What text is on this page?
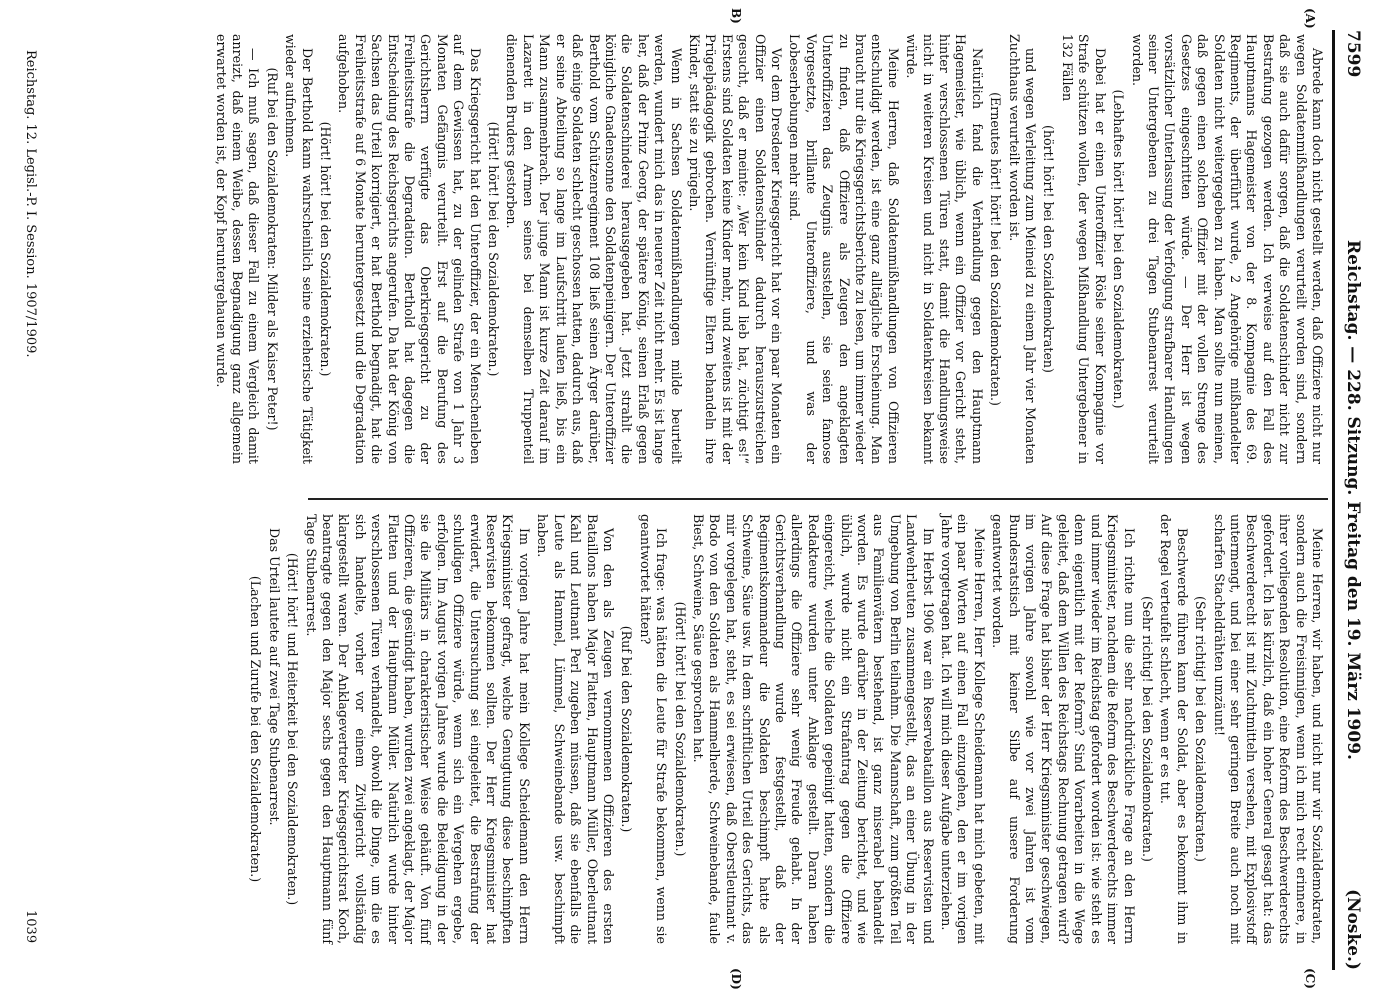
7599
Reichstag. — 228. Sitzung. Freitag den 19. März 1909.
(Noske.)
(A)
B)
(C)
(D)

Abrede kann doch nicht gestellt werden, daß Offiziere nicht nur wegen Soldatenmißhandlungen verurteilt worden sind, sondern daß sie auch dafür sorgen, daß die Soldatenschinder nicht zur Bestrafung gezogen werden. Ich verweise auf den Fall des Hauptmanns Hagemeister von der 8. Kompagnie des 69. Regiments, der überführt wurde, 2 Angehörige mißhandelter Soldaten nicht weitergegeben zu haben. Man sollte nun meinen, daß gegen einen solchen Offizier mit der vollen Strenge des Gesetzes eingeschritten würde. — Der Herr ist wegen vorsätzlicher Unterlassung der Verfolgung strafbarer Handlungen seiner Untergebenen zu drei Tagen Stubenarrest verurteilt worden.

(Lebhaftes hört! hört! bei den Sozialdemokraten.)

Dabei hat er einen Unteroffizier Rösle seiner Kompagnie vor Strafe schützen wollen, der wegen Mißhandlung Untergebener in 132 Fällen

(hört! hört! bei den Sozialdemokraten)

und wegen Verleitung zum Meineid zu einem Jahr vier Monaten Zuchthaus verurteilt worden ist.

(Erneutes hört! hört! bei den Sozialdemokraten.)

Natürlich fand die Verhandlung gegen den Hauptmann Hagemeister, wie üblich, wenn ein Offizier vor Gericht steht, hinter verschlossenen Türen statt, damit die Handlungsweise nicht in weiteren Kreisen und nicht in Soldatenkreisen bekannt würde.

Meine Herren, daß Soldatenmißhandlungen von Offizieren entschuldigt werden, ist eine ganz alltägliche Erscheinung. Man braucht nur die Kriegsgerichtsberichte zu lesen, um immer wieder zu finden, daß Offiziere als Zeugen den angeklagten Unteroffizieren das Zeugnis ausstellen, sie seien famose Vorgesetzte, brillante Unteroffiziere, und was der Lobeserhebungen mehr sind.

Vor dem Dresdener Kriegsgericht hat vor ein paar Monaten ein Offizier einen Soldatenschinder dadurch herauszustreichen gesucht, daß er meinte: „Wer kein Kind lieb hat, züchtigt es!“ Erstens sind Soldaten keine Kinder mehr, und zweitens ist mit der Prügelpädagogik gebrochen. Vernünftige Eltern behandeln ihre Kinder, statt sie zu prügeln.

Wenn in Sachsen Soldatenmißhandlungen milde beurteilt werden, wundert mich das in neuerer Zeit nicht mehr. Es ist lange her, daß der Prinz Georg, der spätere König, seinen Erlaß gegen die Soldatenschinderei herausgegeben hat. Jetzt strahlt die königliche Gnadensonne den Soldatenpeinigern. Der Unteroffizier Berthold vom Schützenregiment 108 ließ seinen Ärger darüber, daß einige Soldaten schlecht geschossen hatten, dadurch aus, daß er seine Abteilung so lange im Laufschritt laufen ließ, bis ein Mann zusammenbrach. Der junge Mann ist kurze Zeit darauf im Lazarett in den Armen seines bei demselben Truppenteil dienenden Bruders gestorben.

(Hört! hört! bei den Sozialdemokraten.)

Das Kriegsgericht hat den Unteroffizier, der ein Menschenleben auf dem Gewissen hat, zu der gelinden Strafe von 1 Jahr 3 Monaten Gefängnis verurteilt. Erst auf die Berufung des Gerichtsherrn verfügte das Oberkriegsgericht zu der Freiheitsstrafe die Degradation. Berthold hat dagegen die Entscheidung des Reichsgerichts angerufen. Da hat der König von Sachsen das Urteil korrigiert, er hat Berthold begnadigt, hat die Freiheitsstrafe auf 6 Monate heruntergesetzt und die Degradation aufgehoben.

(Hört! hört! bei den Sozialdemokraten.)

Der Berthold kann wahrscheinlich seine erzieherische Tätigkeit wieder aufnehmen.

(Ruf bei den Sozialdemokraten: Milder als Kaiser Peter!)

— Ich muß sagen, daß dieser Fall zu einem Vergleich damit anreizt, daß einem Weibe, dessen Begnadigung ganz allgemein erwartet worden ist, der Kopf heruntergehauen wurde.

Meine Herren, wir haben, und nicht nur wir Sozialdemokraten, sondern auch die Freisinnigen, wenn ich mich recht erinnere, in ihrer vorliegenden Resolution, eine Reform des Beschwerderechts gefordert. Ich las kürzlich, daß ein hoher General gesagt hat: das Beschwerderecht ist mit Zuchtmitteln versehen, mit Explosivstoff untermengt, und bei einer sehr geringen Breite auch noch mit scharfen Stacheldrähten umzäunt!

(Sehr richtig! bei den Sozialdemokraten.)

Beschwerde führen kann der Soldat, aber es bekommt ihm in der Regel verteufelt schlecht, wenn er es tut.

(Sehr richtig! bei den Sozialdemokraten.)

Ich richte nun die sehr nachdrückliche Frage an den Herrn Kriegsminister, nachdem die Reform des Beschwerderechts immer und immer wieder im Reichstag gefordert worden ist: wie steht es denn eigentlich mit der Reform? Sind Vorarbeiten in die Wege geleitet, daß dem Willen des Reichstags Rechnung getragen wird? Auf diese Frage hat bisher der Herr Kriegsminister geschwiegen, im vorigen Jahre sowohl wie vor zwei Jahren ist vom Bundesratstisch mit keiner Silbe auf unsere Forderung geantwortet worden.

Meine Herren, Herr Kollege Scheidemann hat mich gebeten, mit ein paar Worten auf einen Fall einzugehen, den er im vorigen Jahre vorgetragen hat. Ich will mich dieser Aufgabe unterziehen.

Im Herbst 1906 war ein Reservebataillon aus Reservisten und Landwehrleuten zusammengestellt, das an einer Übung in der Umgebung von Berlin teilnahm. Die Mannschaft, zum größten Teil aus Familienvätern bestehend, ist ganz miserabel behandelt worden. Es wurde darüber in der Zeitung berichtet, und wie üblich, wurde nicht ein Strafantrag gegen die Offiziere eingereicht, welche die Soldaten gepeinigt hatten, sondern die Redakteure wurden unter Anklage gestellt. Daran haben allerdings die Offiziere sehr wenig Freude gehabt. In der Gerichtsverhandlung wurde festgestellt, daß der Regimentskommandeur die Soldaten beschimpft hatte als Schweine, Säue usw. In dem schriftlichen Urteil des Gerichts, das mir vorgelegen hat, steht, es sei erwiesen, daß Oberstleutnant v. Bodo von den Soldaten als Hammelherde, Schweinebande, faule Biest, Schweine, Säue gesprochen hat.

(Hört! hört! bei den Sozialdemokraten.)

Ich frage: was hätten die Leute für Strafe bekommen, wenn sie geantwortet hätten?

(Ruf bei den Sozialdemokraten.)

Von den als Zeugen vernommenen Offizieren des ersten Bataillons haben Major Flatten, Hauptmann Müller, Oberleutnant Kahl und Leutnant Perl zugeben müssen, daß sie ebenfalls die Leute als Hammel, Lümmel, Schweinebande usw. beschimpft haben.

Im vorigen Jahre hat mein Kollege Scheidemann den Herrn Kriegsminister gefragt, welche Genugtuung diese beschimpften Reservisten bekommen sollten. Der Herr Kriegsminister hat erwidert, die Untersuchung sei eingeleitet, die Bestrafung der schuldigen Offiziere würde, wenn sich ein Vergehen ergebe, erfolgen. Im August vorigen Jahres wurde die Beleidigung in der sie die Militärs in charakteristischer Weise gehäuft. Von fünf Offizieren, die gesündigt haben, wurden zwei angeklagt, der Major Flatten und der Hauptmann Müller. Natürlich wurde hinter verschlossenen Türen verhandelt, obwohl die Dinge, um die es sich handelte, vorher vor einem Zivilgericht vollständig klargestellt waren. Der Anklagevertreter Kriegsgerichtsrat Koch, beantragte gegen den Major sechs gegen den Hauptmann fünf Tage Stubenarrest.

(Hört! hört! und Heiterkeit bei den Sozialdemokraten.)

Das Urteil lautete auf zwei Tage Stubenarrest.

(Lachen und Zurufe bei den Sozialdemokraten.)

Reichstag. 12. Legisl.-P. I. Session. 1907/1909.
1039
